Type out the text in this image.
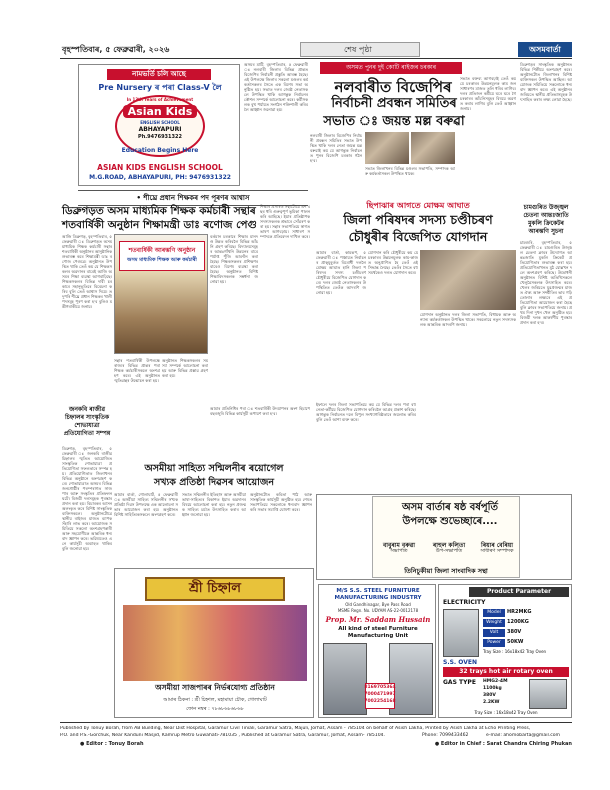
বৃহস্পতিবাৰ, ৫ ফেব্ৰুৱাৰী, ২০২৬	শেষ পৃষ্ঠা	অসমবাৰ্তা
নামভৰ্তি চলি আছে
Pre Nursery ৰ পৰা Class-V লৈ
In 13th Years of Achievement
Asian Kids
ENGLISH SCHOOL
ABHAYAPURI
Ph.9476931322
Education Begins Here
ASIAN KIDS ENGLISH SCHOOL
M.G.ROAD, ABHAYAPURI, PH: 9476931322
অসমৰ মাটি, বৃহস্পতিবাৰ, ৫ ফেব্ৰুৱাৰী ঃ নলবাৰী জিলাৰ বিভিন্ন প্ৰান্তত বিজেপিৰ নিৰ্বাচনী প্ৰস্তুতি আৰম্ভ হৈছে। এই উপলক্ষে জিলাৰ সকলো মণ্ডলৰ কৰ্মকৰ্তাসকলৰ সৈতে এক বিশেষ সভা অনুষ্ঠিত হয়। সভাত দলৰ জ্যেষ্ঠ নেতাসকলে উপস্থিত থাকি আগন্তুক নিৰ্বাচনৰ কৌশল সম্পৰ্কে আলোচনা কৰে। কৰ্মীসকলক বুথ পৰ্যায়ত সংগঠন শক্তিশালী কৰিবলৈ আহ্বান জনোৱা হয়।
অসমত পুনৰ দুই কোটি ৰাইজৰ চৰকাৰ
নলবাৰীত বিজেপিৰ
নিৰ্বাচনী প্ৰবন্ধন সমিতিৰ
সভাত ঃ জয়ন্ত মল্ল বৰুৱা
নলবাৰী জিলাৰ বিজেপিৰ নিৰ্বাচনী প্ৰবন্ধন সমিতিৰ সভাত উপস্থিত থাকি দলৰ নেতা জয়ন্ত মল্ল বৰুৱাই কয় যে আগন্তুক নিৰ্বাচনত পুনৰ বিজেপি চৰকাৰ গঠন হ'ব।
সভাত জিলাখনৰ বিভিন্ন মণ্ডলৰ সভাপতি, সম্পাদক আৰু কৰ্মকৰ্তাসকল উপস্থিত থাকে।
সভাত বক্তব্য আগবঢ়াই তেওঁ কয় যে চৰকাৰৰ উন্নয়নমূলক কাম জনসাধাৰণৰ মাজত তুলি ধৰিব লাগিব। দলৰ প্ৰতিজন কৰ্মীয়ে ঘৰে ঘৰে গৈ চৰকাৰৰ আঁচনিসমূহৰ বিষয়ে অৱগত কৰাব লাগিব বুলি তেওঁ আহ্বান জনায়।
ডিব্ৰুগড়ৰ সাংস্কৃতিক অনুষ্ঠানত বিভিন্ন শিল্পীয়ে অংশগ্ৰহণ কৰে। অনুষ্ঠানটোত জিলাখনৰ বিশিষ্ট ব্যক্তিসকল উপস্থিত আছিল। আয়োজক সমিতিয়ে সকলোকে ধন্যবাদ জ্ঞাপন কৰে। এই অনুষ্ঠানৰ জৰিয়তে স্থানীয় প্ৰতিভাসমূহক উৎসাহিত কৰাৰ লক্ষ্য লোৱা হৈছে।
চামগুৰিত উজ্জ্বল চেতনা আন্তঃজাতি মুকলি ক্ৰিকেটৰ আৰম্ভণি সুচনা
চামগুৰি, বৃহস্পতিবাৰ, ৫ ফেব্ৰুৱাৰী ঃ চামগুৰিত উজ্জ্বল চেতনা ক্লাবৰ উদ্যোগত আন্তঃজাতি মুকলি ক্ৰিকেট প্ৰতিযোগিতাৰ শুভাৰম্ভ কৰা হয়। প্ৰতিযোগিতাখনত মুঠ যোল্লখন দলে অংশগ্ৰহণ কৰিছে। উদ্বোধনী অনুষ্ঠানত বিশিষ্ট অতিথিসকলে খেলুৱৈসকলক উৎসাহিত কৰে। খেলৰ জৰিয়তে যুৱপ্ৰজন্মৰ মাজত ঐক্য আৰু সম্প্ৰীতিৰ ভাব গঢ়ি তোলাৰ লক্ষ্যৰে এই প্ৰতিযোগিতা আয়োজন কৰা হৈছে বুলি ক্লাবৰ সভাপতিয়ে জনায়। প্ৰথম দিনা দুখন খেল অনুষ্ঠিত হয়। বিজয়ী দলক আকৰ্ষণীয় পুৰস্কাৰ প্ৰদান কৰা হ'ব।
• শীঘ্ৰে প্ৰধান শিক্ষকৰ পদ পূৰণৰ আশ্বাস
ডিব্ৰুগড়ত অসম মাধ্যমিক শিক্ষক কৰ্মচাৰী সন্থাৰ
শতবাৰ্ষিকী অনুষ্ঠান শিক্ষামন্ত্ৰী ডাঃ ৰণোজ পেগু
আজি ডিব্ৰুগড়, বৃহস্পতিবাৰ, ৫ ফেব্ৰুৱাৰী ঃ ডিব্ৰুগড়ত অসম মাধ্যমিক শিক্ষক কৰ্মচাৰী সন্থাৰ শতবাৰ্ষিকী অনুষ্ঠানৰ আনুষ্ঠানিক শুভাৰম্ভ কৰে শিক্ষামন্ত্ৰী ডাঃ ৰণোজ পেগুৱে। অনুষ্ঠানত উপস্থিত থাকি তেওঁ কয় যে শিক্ষকসকলৰ অৱদানৰ বাবেই আজি অসমৰ শিক্ষা ব্যৱস্থা আগবাঢ়িছে। শিক্ষকসকলৰ বিভিন্ন দাবী চৰকাৰে সহানুভূতিৰে বিবেচনা কৰিব বুলি তেওঁ আশ্বাস দিয়ে। তদুপৰি শীঘ্ৰে প্ৰধান শিক্ষকৰ খালী পদসমূহ পূৰণ কৰা হ'ব বুলিও মন্ত্ৰীগৰাকীয়ে জনায়।
শতবাৰ্ষিকী আৰম্ভণি অনুষ্ঠান
অসম মাধ্যমিক শিক্ষক আৰু কৰ্মচাৰী
সন্থাৰ শতবাৰ্ষিকী উপলক্ষে ৰাজ্যৰ বিভিন্ন প্ৰান্তৰ পৰা শিক্ষক কৰ্মচাৰীসকলে অংশগ্ৰহণ কৰে। এই অনুষ্ঠানত স্মৃতিগ্ৰন্থৰ উন্মোচন কৰা হয়।
অনুষ্ঠানত শিক্ষকসকলৰ সমস্যা সম্পৰ্কে আলোচনা কৰা হয় আৰু বিভিন্ন প্ৰস্তাৱ গ্ৰহণ কৰা হয়।
বৰ্তমান চৰকাৰে শিক্ষাৰ মানদণ্ড উন্নত কৰিবলৈ বিভিন্ন আঁচনি গ্ৰহণ কৰিছে। বিদ্যালয়সমূহৰ আন্তঃগাঁথনি উন্নয়নৰ বাবে পৰ্যাপ্ত পুঁজি আবণ্টন কৰা হৈছে। শিক্ষকসকলৰ প্ৰশিক্ষণৰ বাবেও বিশেষ ব্যৱস্থা কৰা হৈছে। অনুষ্ঠানত বিশিষ্ট শিক্ষাবিদসকলক সম্বৰ্ধনা জনোৱা হয়।
শিক্ষাৰ প্ৰসাৰত সন্থাটোৱে এশ বছৰ ধৰি গুৰুত্বপূৰ্ণ ভূমিকা পালন কৰি আহিছে। ইয়াৰ প্ৰতিষ্ঠাপক সদস্যসকলক শ্ৰদ্ধাৰে সোঁৱৰণ কৰা হয়। সন্থাৰ সভাপতিয়ে স্বাগত ভাষণ আগবঢ়ায়। সাধাৰণ সম্পাদকে প্ৰতিবেদন দাখিল কৰে।
আমাৰ প্ৰতিনিধিৰ পৰা ঃ শতবাৰ্ষিকী উদযাপনৰ অংশ হিচাপে বছৰজুৰি বিভিন্ন কাৰ্যসূচী ৰূপায়ণ কৰা হ'ব।
জনকবি ৰ‌াজীৱ চিহ্নালৰ সাংস্কৃতিক শোভাযাত্ৰা প্ৰতিযোগিতা সম্পন্ন
ডিব্ৰুগড়, বৃহস্পতিবাৰ, ৫ ফেব্ৰুৱাৰী ঃ জনকবি ৰাজীৱ চিহ্নালৰ স্মৃতিত আয়োজিত সাংস্কৃতিক শোভাযাত্ৰা প্ৰতিযোগিতা সফলতাৰে সম্পন্ন হয়। প্ৰতিযোগিতাত জিলাখনৰ বিভিন্ন অনুষ্ঠানে অংশগ্ৰহণ কৰে। শোভাযাত্ৰাত অসমৰ বিভিন্ন জনগোষ্ঠীৰ পৰম্পৰাগত সাজপাৰ আৰু সংস্কৃতিৰ প্ৰতিফলন ঘটে। বিজয়ী দলসমূহক পুৰস্কাৰ প্ৰদান কৰা হয়। বিচাৰকৰ আসন অলংকৃত কৰে বিশিষ্ট সাংস্কৃতিক ব্যক্তিসকলে। অনুষ্ঠানটোৱে স্থানীয় ৰাইজৰ মাজত ব্যাপক সঁহাৰি লাভ কৰে। আয়োজক সমিতিয়ে সকলো অংশগ্ৰহণকাৰী আৰু সহযোগীকে আন্তৰিক ধন্যবাদ জ্ঞাপন কৰে। ভৱিষ্যতেও এনে কাৰ্যসূচী অব্যাহত থাকিব বুলি জনোৱা হয়।
ছিপাঝাৰ আগতে মোক্ষম আঘাত
জিলা পৰিষদৰ সদস্য চণ্ডীচৰণ
চৌধুৰীৰ বিজেপিত যোগদান
আমাৰ বাৰ্তা, কামৰূপ, ৫ ফেব্ৰুৱাৰী ঃ পঞ্চায়ত নিৰ্বাচনৰ প্ৰাক্‌মুহূৰ্তত বিৰোধী দললৈ মোক্ষম আঘাত হানি জিলা পৰিষদৰ সদস্য চণ্ডীচৰণ চৌধুৰীয়ে বিজেপিত যোগদান কৰে। দলৰ জ্যেষ্ঠ নেতাসকলৰ উপস্থিতিত তেওঁক আদৰণি জনোৱা হয়।
যোগদান কৰি চৌধুৰীয়ে কয় যে চৰকাৰৰ উন্নয়নমূলক কাম-কাজত অনুপ্ৰাণিত হৈ তেওঁ এই সিদ্ধান্ত লৈছে। তেওঁৰ সৈতে বহু সমৰ্থকেও দলত যোগদান কৰে।
যোগদান অনুষ্ঠানত দলৰ জিলা সভাপতি, বিধায়ক আৰু অন্যান্য কৰ্মকৰ্তাসকল উপস্থিত থাকে। সকলোৱে নতুন সদস্যসকলক আন্তৰিক আদৰণি জনায়।
ইফালে দলৰ জিলা সভাপতিয়ে কয় যে বিভিন্ন দলৰ পৰা বহু নেতা-কৰ্মীয়ে বিজেপিত যোগদান কৰিবলৈ আগ্ৰহ প্ৰকাশ কৰিছে। আগন্তুক নিৰ্বাচনত দলে বিপুল সংখ্যাগৰিষ্ঠতাৰে জয়লাভ কৰিব বুলি তেওঁ আশা ব্যক্ত কৰে।
অসম বাৰ্তাৰ ষষ্ঠ বৰ্ষপূৰ্তি
উপলক্ষে শুভেচ্ছাৰে....
বাবুৰাম বৰুৱা
সভাপতি
ৰাহুল কলিতা
উপ-সভাপতি
ৰিয়াৰ বেৰিয়া
সাধাৰণ সম্পাদক
তিনিচুকীয়া জিলা সাংবাদিক সন্থা
অসমীয়া সাহিত্য সন্মিলনীৰ ৰয়োগেল
সখ্যক প্ৰতিষ্ঠা দিৱসৰ আয়োজন
আমাৰ বাৰ্তা, গোলাঘাট, ৫ ফেব্ৰুৱাৰী ঃ অসমীয়া সাহিত্য সন্মিলনীৰ সখ্যক প্ৰতিষ্ঠা দিৱস উপলক্ষে এক আলোচনা সভাৰ আয়োজন কৰা হয়। অনুষ্ঠানত বিশিষ্ট সাহিত্যিকসকলে অংশগ্ৰহণ কৰে।
সভাত সন্মিলনীৰ ইতিহাস আৰু অসমীয়া ভাষা-সাহিত্যৰ বিকাশত ইয়াৰ অৱদানৰ বিষয়ে আলোচনা কৰা হয়। নতুন প্ৰজন্মক সাহিত্য চৰ্চাত উৎসাহিত কৰাৰ আহ্বান জনোৱা হয়।
অনুষ্ঠানটোত কবিতা পাঠ আৰু সাংস্কৃতিক কাৰ্যসূচী অনুষ্ঠিত হয়। শেষত সভাপতিয়ে সকলোকে ধন্যবাদ জ্ঞাপন কৰি সভাৰ সমাপ্তি ঘোষণা কৰে।
শ্ৰী চিহ্নাল
অসমীয়া সাজপাৰৰ নিৰ্ভৰযোগ্য প্ৰতিষ্ঠান
আমাৰ ঠিকনা : শ্ৰী চিহ্নাল, মহামায়া চৌক, গোলাঘাট
ফোন নম্বৰ : ৭৮৬৮৬৮৬৮৬৮
M/S S.S. STEEL FURNITURE
MANUFACTURING INDUSTRY
Old Gandhinagar, Bye Pass Road
MSME Regn. No. UDYAM AS-22-0012178
Prop. Mr. Saddam Hussain
All kind of steel Furniture
Manufacturing Unit
8169705364
7000471997
7002254168
Product Parameter
ELECTRICITY
Model	HR2MKG
Weight	1200KG
Volt	380V
Power	50KW
Tray Size : 16x18x42 Tray Oven
S.S. OVEN
32 trays hot air rotary oven
GAS TYPE	HMG2-4M
1100kg
380V
2.2KW
Tray Size : 16x18x42 Tray Oven
Published by Tonuy Borah, from AB Building, Near Dist Hospital, Garamur Civil Tiniali, Garamur Satra, Majuli, Jorhat, Assam - 785104 on behalf of Asish Lakha, Printed by Asish Lakha at Echo Printing Press,
P.O. and P.S.-Gorchuk, Near Kanduni Masjid, Kamrup Metro Guwahati-781035 , Published at Garamur Satra, Garamur, Jorhat, Assam- 785104.	Phone: 7099433462	e-mail: ahomobarta@gmail.com
● Editor : Tonuy Borah	● Editor in Chief : Sarat Chandra Chiring Phukan
